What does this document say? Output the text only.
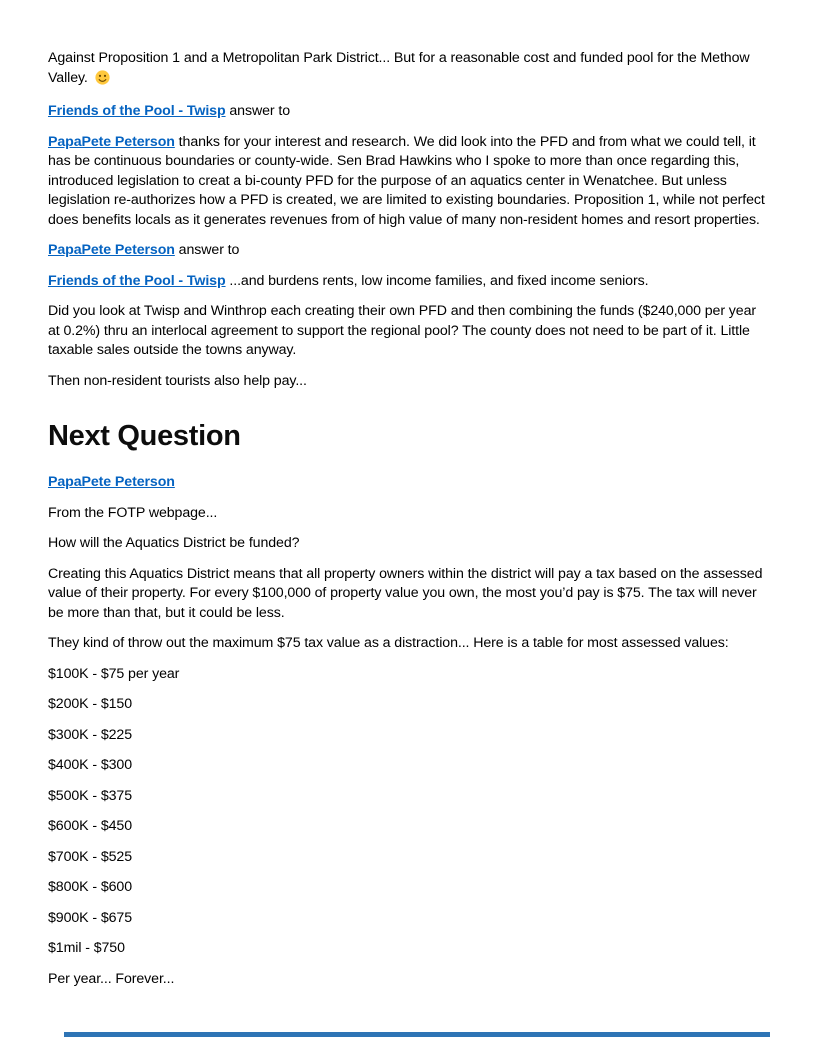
Against Proposition 1 and a Metropolitan Park District... But for a reasonable cost and funded pool for the Methow Valley.

Friends of the Pool - Twisp answer to

PapaPete Peterson thanks for your interest and research. We did look into the PFD and from what we could tell, it has be continuous boundaries or county-wide. Sen Brad Hawkins who I spoke to more than once regarding this, introduced legislation to creat a bi-county PFD for the purpose of an aquatics center in Wenatchee. But unless legislation re-authorizes how a PFD is created, we are limited to existing boundaries. Proposition 1, while not perfect does benefits locals as it generates revenues from of high value of many non-resident homes and resort properties.

PapaPete Peterson answer to

Friends of the Pool - Twisp ...and burdens rents, low income families, and fixed income seniors.

Did you look at Twisp and Winthrop each creating their own PFD and then combining the funds ($240,000 per year at 0.2%) thru an interlocal agreement to support the regional pool? The county does not need to be part of it. Little taxable sales outside the towns anyway.

Then non-resident tourists also help pay...

Next Question

PapaPete Peterson

From the FOTP webpage...

How will the Aquatics District be funded?

Creating this Aquatics District means that all property owners within the district will pay a tax based on the assessed value of their property. For every $100,000 of property value you own, the most you’d pay is $75. The tax will never be more than that, but it could be less.

They kind of throw out the maximum $75 tax value as a distraction... Here is a table for most assessed values:

$100K - $75 per year

$200K - $150

$300K - $225

$400K - $300

$500K - $375

$600K - $450

$700K - $525

$800K - $600

$900K - $675

$1mil - $750

Per year... Forever...
